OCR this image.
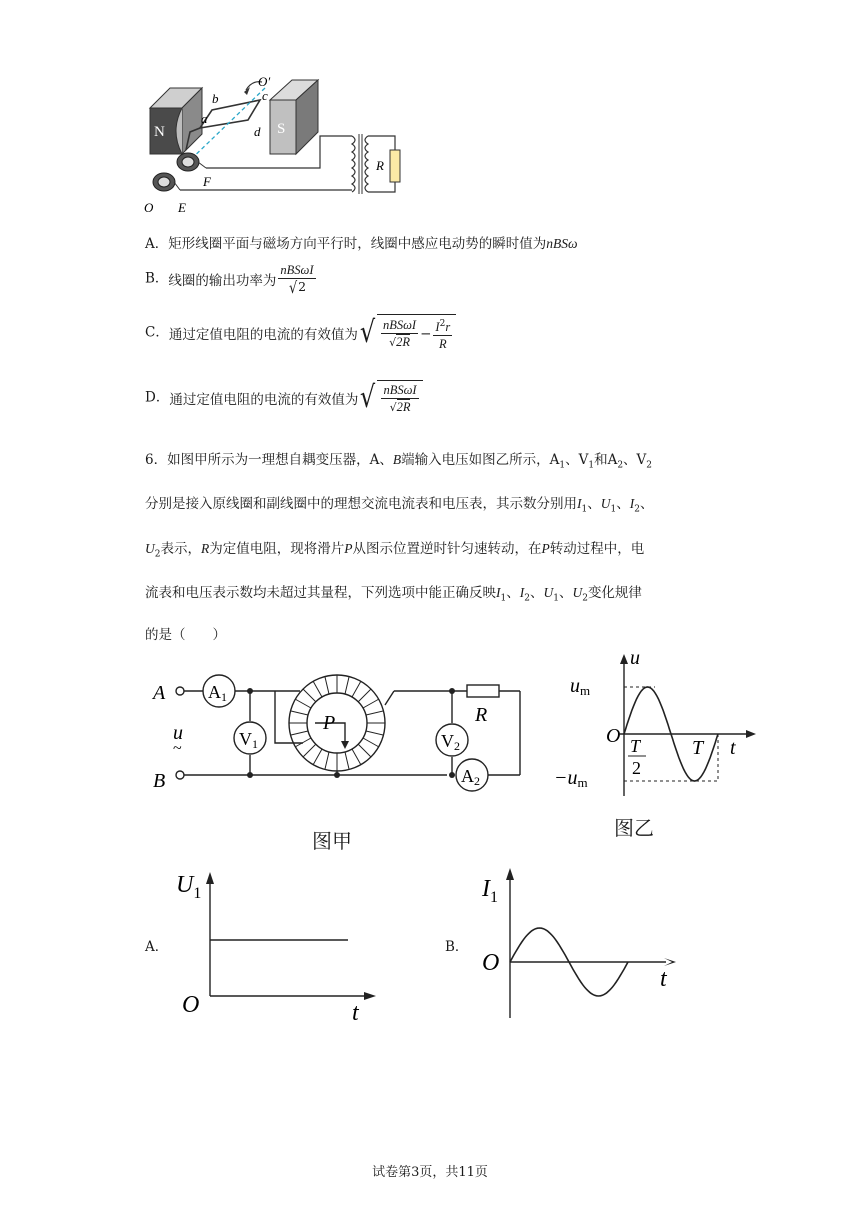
N	S
O′
b	c
a
d
F
O E
R
A．矩形线圈平面与磁场方向平行时，线圈中感应电动势的瞬时值为nBSω
B．线圈的输出功率为 $\frac{\text{nBSωI}}{√2}$
C．通过定值电阻的电流的有效值为√ $\frac{\text{nBSωI}}{√2R} - \frac{I^2r}{R}$
D．通过定值电阻的电流的有效值为√ $\frac{\text{nBSωI}}{√2R}$
6．如图甲所示为一理想自耦变压器，A、B端输入电压如图乙所示，$A_1$、$V_1$和$A_2$、$V_2$
分别是接入原线圈和副线圈中的理想交流电流表和电压表，其示数分别用$I_1$、$U_1$、$I_2$、
$U_2$表示，R为定值电阻，现将滑片P从图示位置逆时针匀速转动，在P转动过程中，电
流表和电压表示数均未超过其量程，下列选项中能正确反映$I_1$、$I_2$、$U_1$、$U_2$变化规律
的是（　　）
A1
V1	V2
A2
A
B
u
~
P	R
图甲
u
um
−um
O T
2
T t
图乙
A．
$U_1$
O	t
B．
$I_1$
O
t
试卷第3页，共11页
